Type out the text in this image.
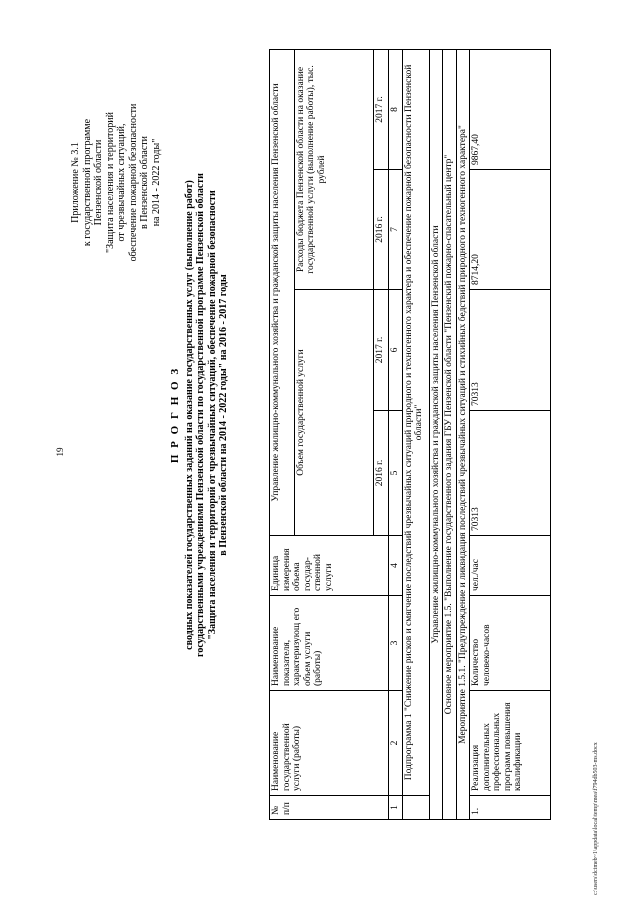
19
c:\users\dcimeb~1\appdata\local\temp\mea\f794db503-ms.docx
Приложение № 3.1 к государственной программе Пензенской области "Защита населения и территорий от чрезвычайных ситуаций, обеспечение пожарной безопасности в Пензенской области на 2014 - 2022 годы"
П Р О Г Н О З сводных показателей государственных заданий на оказание государственных услуг (выполнение работ) государственными учреждениями Пензенской области по государственной программе Пензенской области "Защита населения и территорий от чрезвычайных ситуаций, обеспечение пожарной безопасности в Пензенской области на 2014 - 2022 годы" на 2016 - 2017 годы
№ п/п	Наименование государственной услуги (работы)	Наименование показателя, характеризующ его объем услуги (работы)	Единица измерения объема государ- ственной услуги	Управление жилищно-коммунального хозяйства и гражданской защиты населения Пензенской области			
				Объем государственной услуги		Расходы бюджета Пензенской области на оказание государственной услуги (выполнение работы), тыс. рублей	
				2016 г.	2017 г.	2016 г.	2017 г.
1	2	3	4	5	6	7	8
	Подпрограмма 1 "Снижение рисков и смягчение последствий чрезвычайных ситуаций природного и техногенного характера и обеспечение пожарной безопасности Пензенской области"						
Управление жилищно-коммунального хозяйства и гражданской защиты населения Пензенской области							
Основное мероприятие 1.5. "Выполнение государственного задания ГБУ Пензенской области "Пензенский пожарно-спасательный центр"							
Мероприятие 1.5.1. "Предупреждение и ликвидация последствий чрезвычайных ситуаций и стихийных бедствий природного и техногенного характера"							
1.	Реализация дополнительных профессиональных программ повышения квалификации	Количество человеко-часов	чел./час	70313	70313	8714,20	9867,40
